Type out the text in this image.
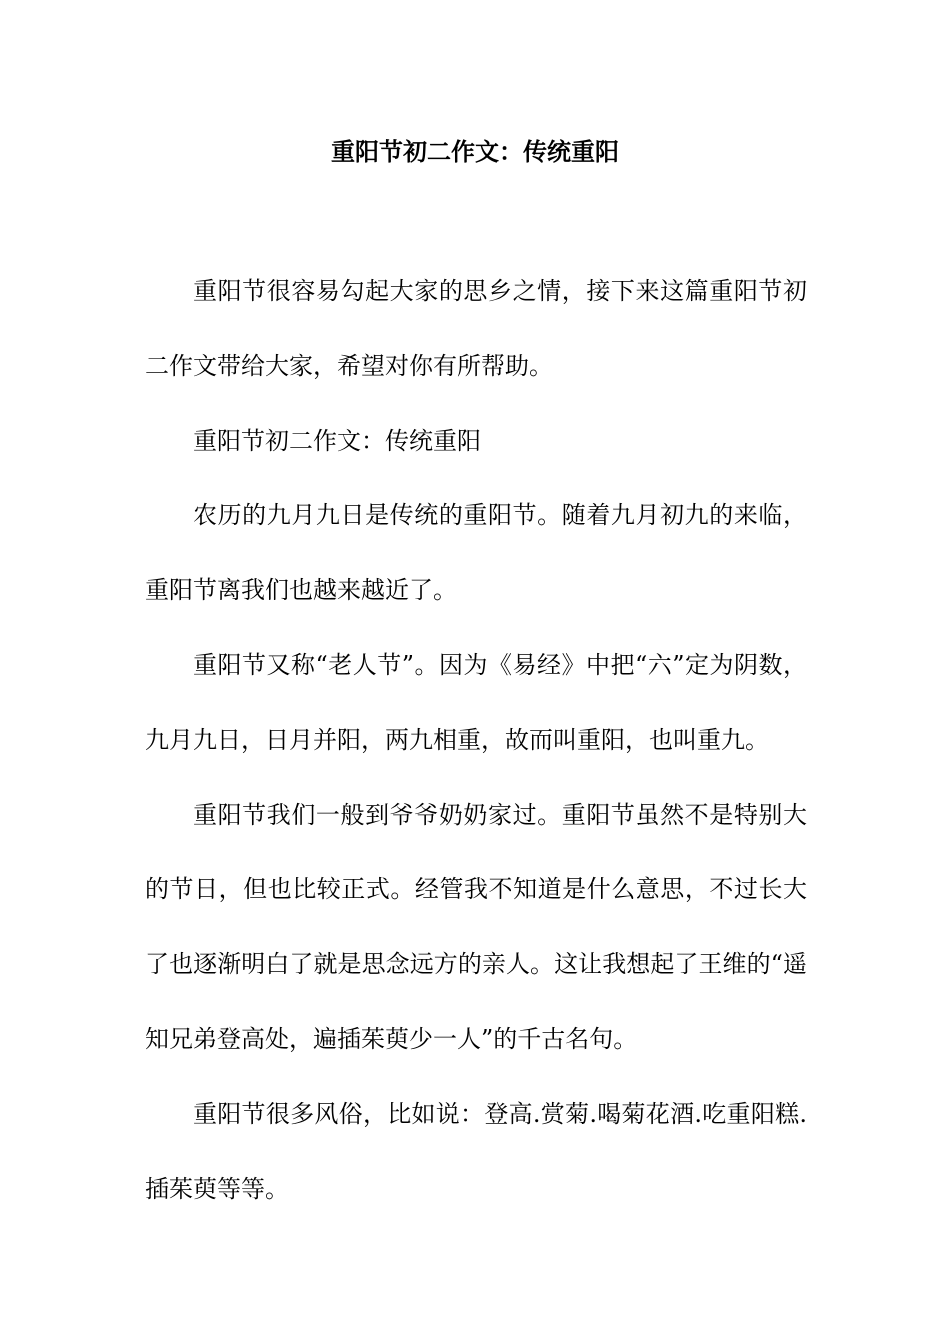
重阳节初二作文：传统重阳

重阳节很容易勾起大家的思乡之情，接下来这篇重阳节初二作文带给大家，希望对你有所帮助。

重阳节初二作文：传统重阳

农历的九月九日是传统的重阳节。随着九月初九的来临，重阳节离我们也越来越近了。

重阳节又称“老人节”。因为《易经》中把“六”定为阴数，九月九日，日月并阳，两九相重，故而叫重阳，也叫重九。

重阳节我们一般到爷爷奶奶家过。重阳节虽然不是特别大的节日，但也比较正式。经管我不知道是什么意思，不过长大了也逐渐明白了就是思念远方的亲人。这让我想起了王维的“遥知兄弟登高处，遍插茱萸少一人”的千古名句。

重阳节很多风俗，比如说：登高.赏菊.喝菊花酒.吃重阳糕.插茱萸等等。
